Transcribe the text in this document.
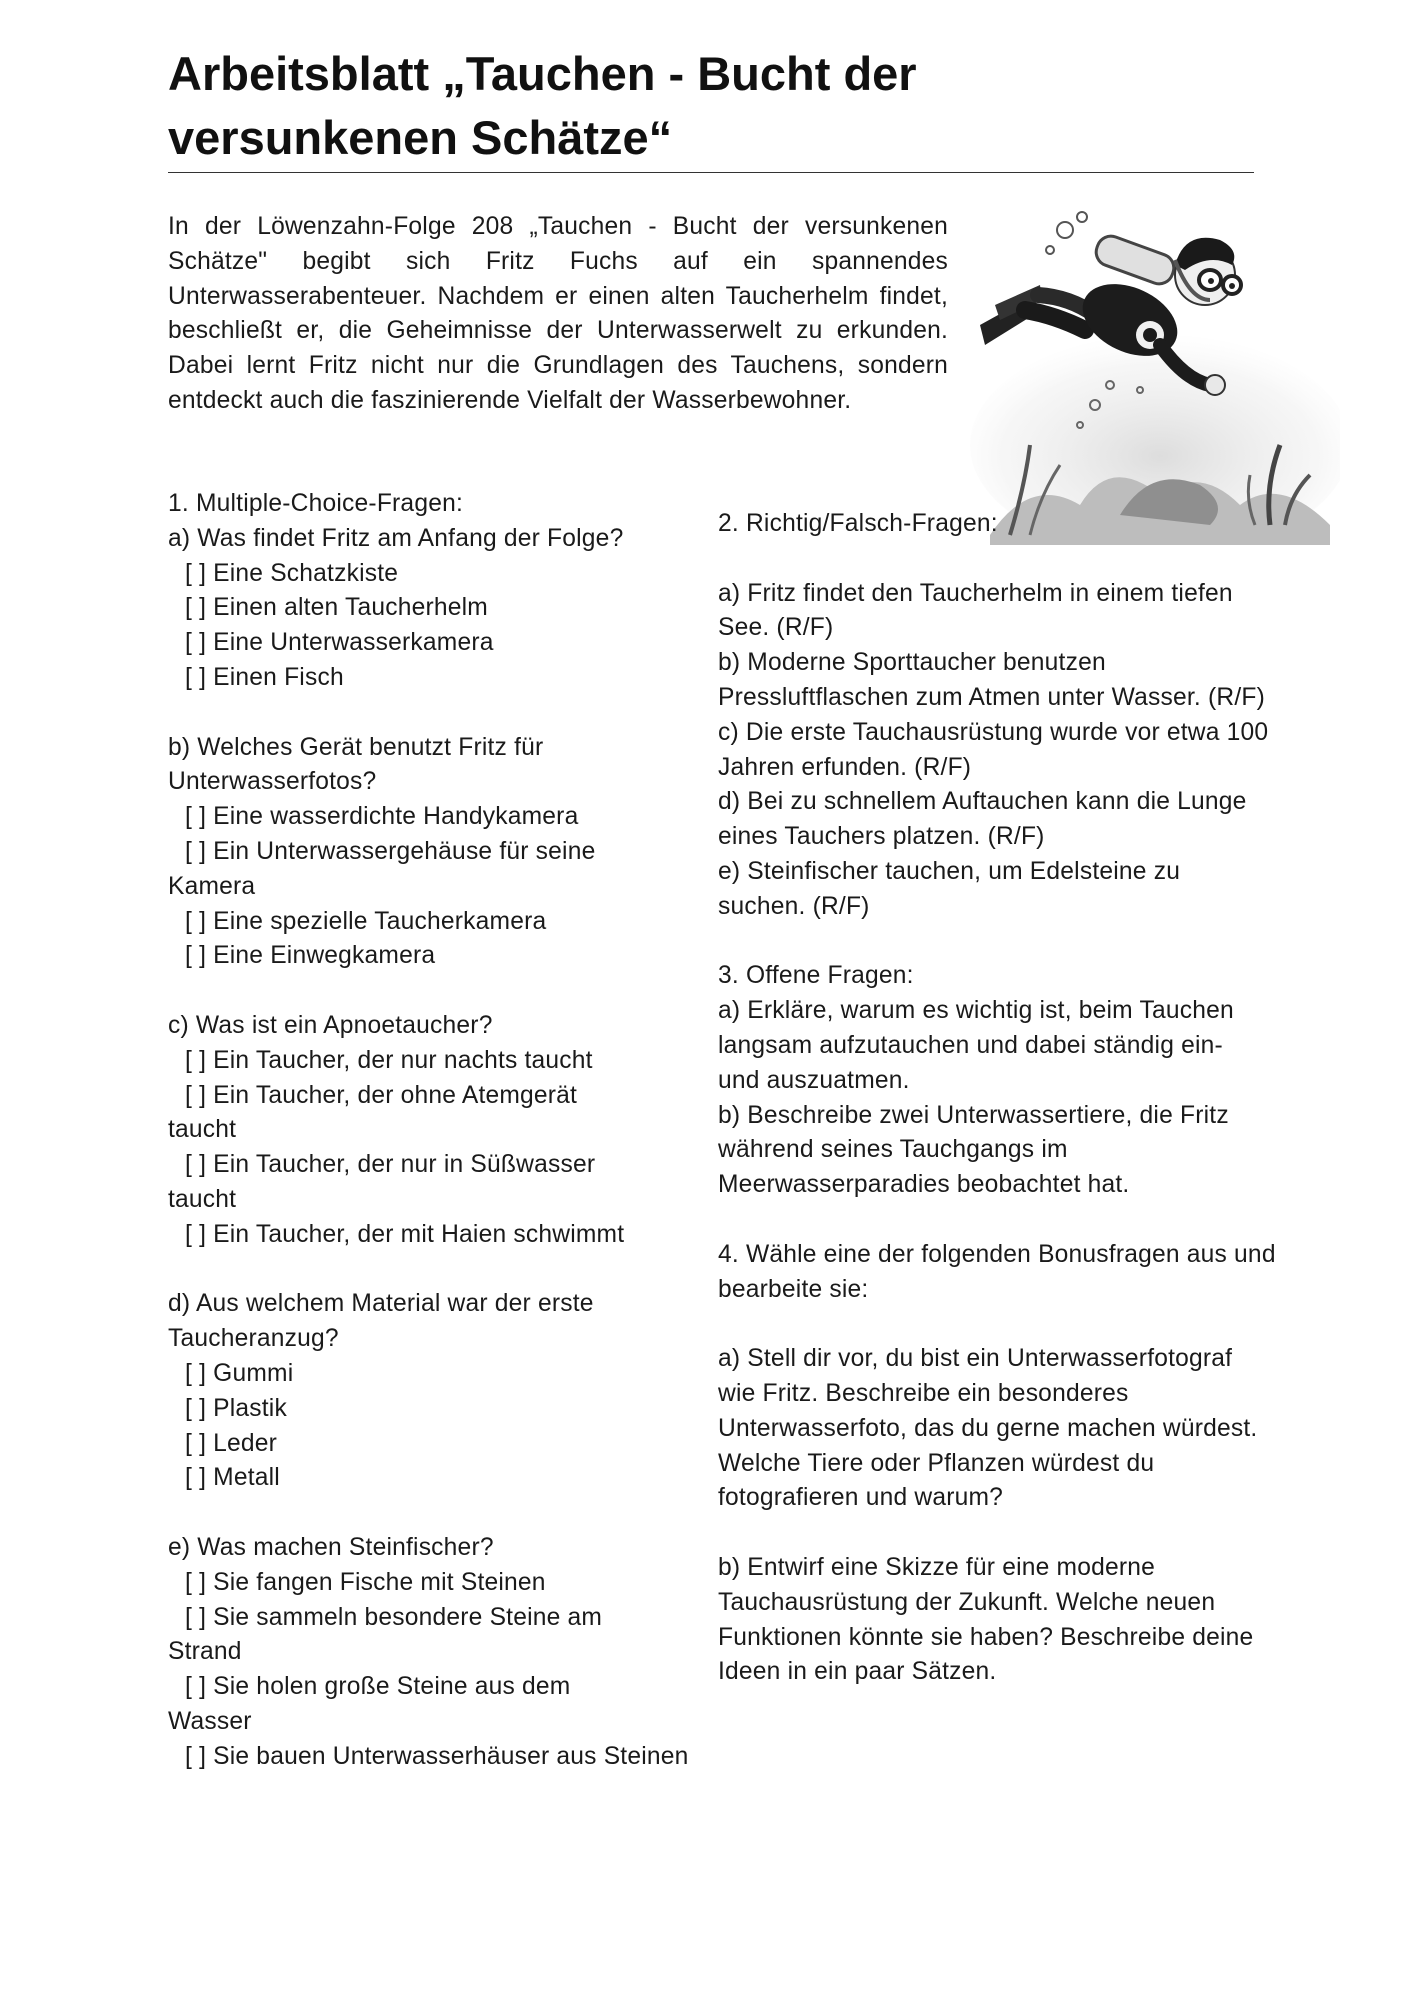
Arbeitsblatt „Tauchen - Bucht der
versunkenen Schätze“

In der Löwenzahn-Folge 208 „Tauchen - Bucht der versunkenen Schätze" begibt sich Fritz Fuchs auf ein spannendes Unterwasserabenteuer. Nachdem er einen alten Taucherhelm findet, beschließt er, die Geheimnisse der Unterwasserwelt zu erkunden. Dabei lernt Fritz nicht nur die Grundlagen des Tauchens, sondern entdeckt auch die faszinierende Vielfalt der Wasserbewohner.

1. Multiple-Choice-Fragen:
a) Was findet Fritz am Anfang der Folge?
[ ] Eine Schatzkiste
[ ] Einen alten Taucherhelm
[ ] Eine Unterwasserkamera
[ ] Einen Fisch
b) Welches Gerät benutzt Fritz für
Unterwasserfotos?
[ ] Eine wasserdichte Handykamera
[ ] Ein Unterwassergehäuse für seine
Kamera
[ ] Eine spezielle Taucherkamera
[ ] Eine Einwegkamera
c) Was ist ein Apnoetaucher?
[ ] Ein Taucher, der nur nachts taucht
[ ] Ein Taucher, der ohne Atemgerät
taucht
[ ] Ein Taucher, der nur in Süßwasser
taucht
[ ] Ein Taucher, der mit Haien schwimmt
d) Aus welchem Material war der erste
Taucheranzug?
[ ] Gummi
[ ] Plastik
[ ] Leder
[ ] Metall
e) Was machen Steinfischer?
[ ] Sie fangen Fische mit Steinen
[ ] Sie sammeln besondere Steine am
Strand
[ ] Sie holen große Steine aus dem
Wasser
[ ] Sie bauen Unterwasserhäuser aus Steinen
2. Richtig/Falsch-Fragen:
a) Fritz findet den Taucherhelm in einem tiefen
See. (R/F)
b) Moderne Sporttaucher benutzen
Pressluftflaschen zum Atmen unter Wasser. (R/F)
c) Die erste Tauchausrüstung wurde vor etwa 100
Jahren erfunden. (R/F)
d) Bei zu schnellem Auftauchen kann die Lunge
eines Tauchers platzen. (R/F)
e) Steinfischer tauchen, um Edelsteine zu
suchen. (R/F)
3. Offene Fragen:
a) Erkläre, warum es wichtig ist, beim Tauchen
langsam aufzutauchen und dabei ständig ein-
und auszuatmen.
b) Beschreibe zwei Unterwassertiere, die Fritz
während seines Tauchgangs im
Meerwasserparadies beobachtet hat.
4. Wähle eine der folgenden Bonusfragen aus und
bearbeite sie:
a) Stell dir vor, du bist ein Unterwasserfotograf
wie Fritz. Beschreibe ein besonderes
Unterwasserfoto, das du gerne machen würdest.
Welche Tiere oder Pflanzen würdest du
fotografieren und warum?
b) Entwirf eine Skizze für eine moderne
Tauchausrüstung der Zukunft. Welche neuen
Funktionen könnte sie haben? Beschreibe deine
Ideen in ein paar Sätzen.
